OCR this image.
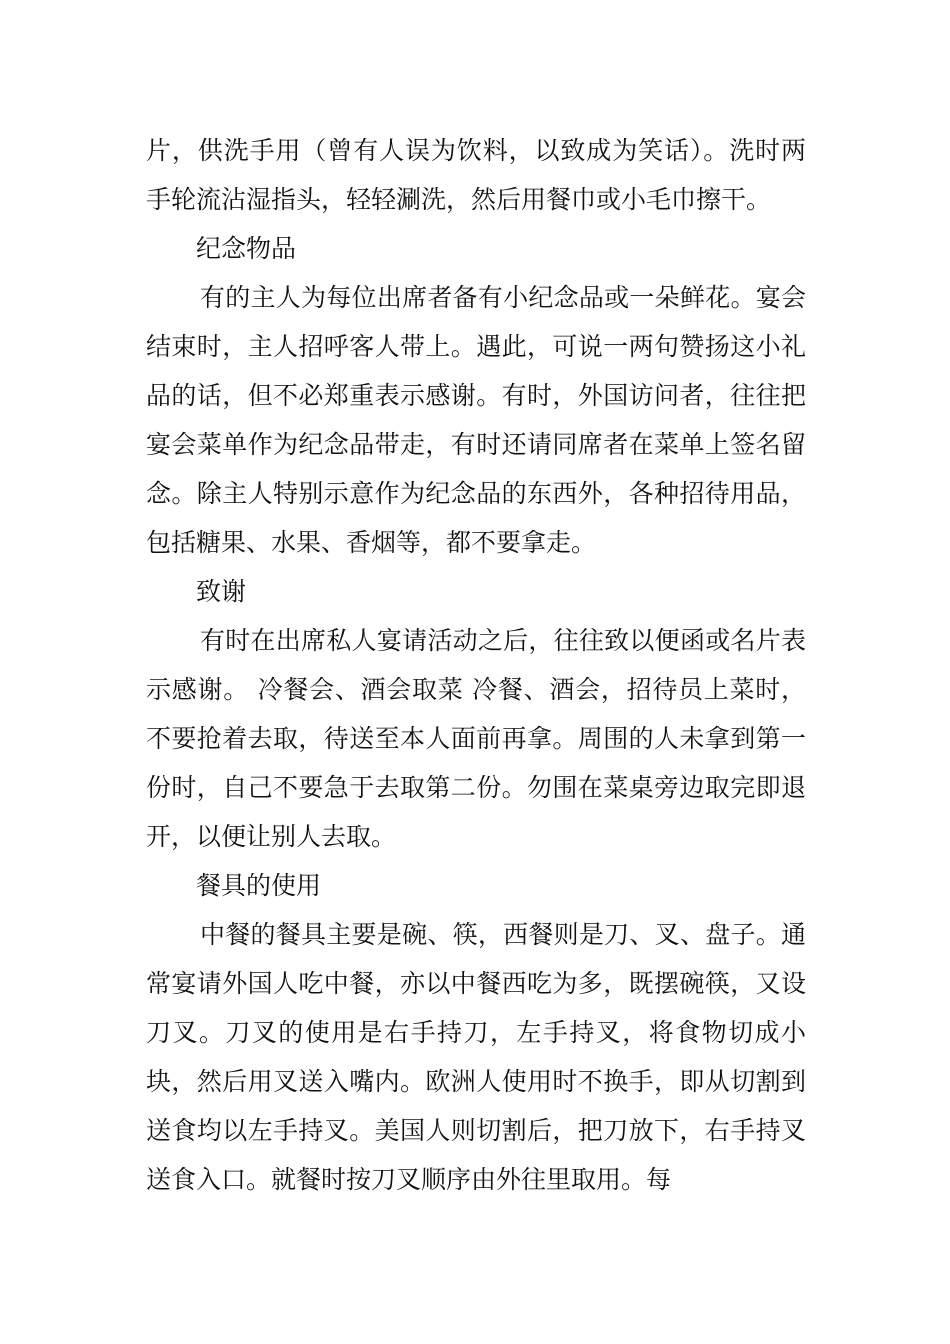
片，供洗手用（曾有人误为饮料，以致成为笑话）。洗时两手轮流沾湿指头，轻轻涮洗，然后用餐巾或小毛巾擦干。

纪念物品

有的主人为每位出席者备有小纪念品或一朵鲜花。宴会结束时，主人招呼客人带上。遇此，可说一两句赞扬这小礼品的话，但不必郑重表示感谢。有时，外国访问者，往往把宴会菜单作为纪念品带走，有时还请同席者在菜单上签名留念。除主人特别示意作为纪念品的东西外，各种招待用品，包括糖果、水果、香烟等，都不要拿走。

致谢

有时在出席私人宴请活动之后，往往致以便函或名片表示感谢。 冷餐会、酒会取菜 冷餐、酒会，招待员上菜时，不要抢着去取，待送至本人面前再拿。周围的人未拿到第一份时，自己不要急于去取第二份。勿围在菜桌旁边取完即退开，以便让别人去取。

餐具的使用

中餐的餐具主要是碗、筷，西餐则是刀、叉、盘子。通常宴请外国人吃中餐，亦以中餐西吃为多，既摆碗筷，又设刀叉。刀叉的使用是右手持刀，左手持叉，将食物切成小块，然后用叉送入嘴内。欧洲人使用时不换手，即从切割到送食均以左手持叉。美国人则切割后，把刀放下，右手持叉送食入口。就餐时按刀叉顺序由外往里取用。每
